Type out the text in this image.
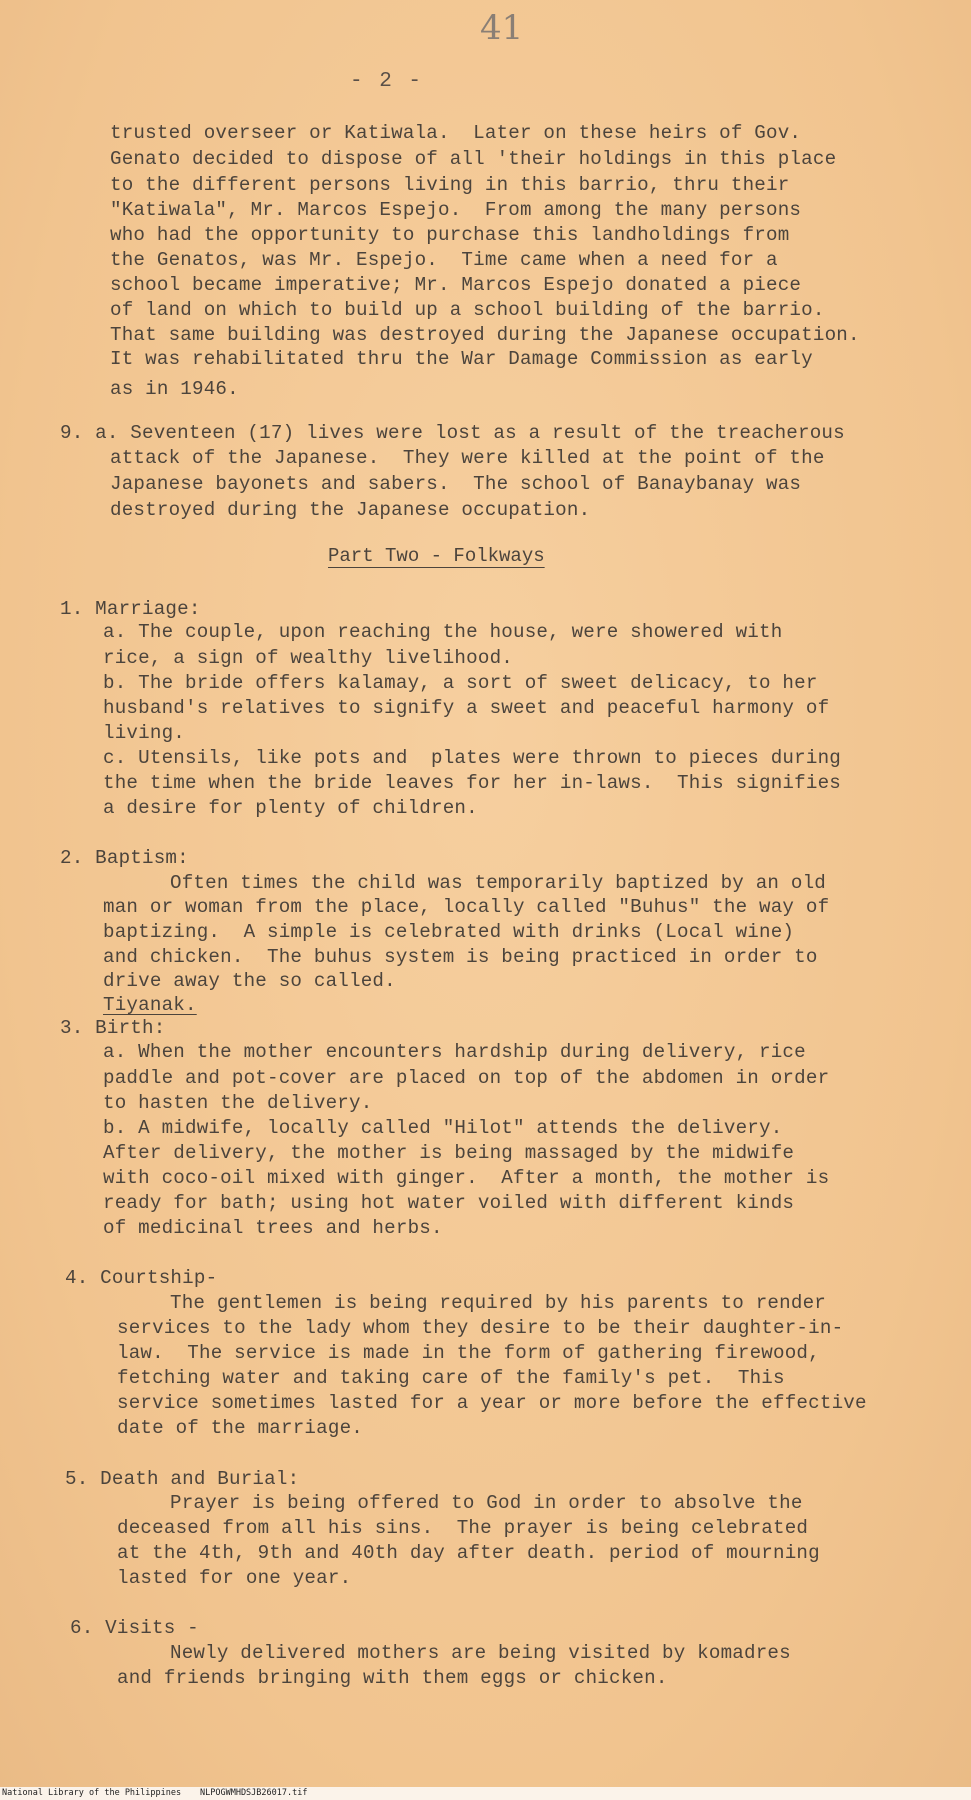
41
- 2 -
trusted overseer or Katiwala.  Later on these heirs of Gov.
Genato decided to dispose of all 'their holdings in this place
to the different persons living in this barrio, thru their
"Katiwala", Mr. Marcos Espejo.  From among the many persons
who had the opportunity to purchase this landholdings from
the Genatos, was Mr. Espejo.  Time came when a need for a
school became imperative; Mr. Marcos Espejo donated a piece
of land on which to build up a school building of the barrio.
That same building was destroyed during the Japanese occupation.
It was rehabilitated thru the War Damage Commission as early
as in 1946.
9. a. Seventeen (17) lives were lost as a result of the treacherous
attack of the Japanese.  They were killed at the point of the
Japanese bayonets and sabers.  The school of Banaybanay was
destroyed during the Japanese occupation.
Part Two - Folkways
1. Marriage:
a. The couple, upon reaching the house, were showered with
rice, a sign of wealthy livelihood.
b. The bride offers kalamay, a sort of sweet delicacy, to her
husband's relatives to signify a sweet and peaceful harmony of
living.
c. Utensils, like pots and  plates were thrown to pieces during
the time when the bride leaves for her in-laws.  This signifies
a desire for plenty of children.
2. Baptism:
Often times the child was temporarily baptized by an old
man or woman from the place, locally called "Buhus" the way of
baptizing.  A simple is celebrated with drinks (Local wine)
and chicken.  The buhus system is being practiced in order to
drive away the so called.
Tiyanak.
3. Birth:
a. When the mother encounters hardship during delivery, rice
paddle and pot-cover are placed on top of the abdomen in order
to hasten the delivery.
b. A midwife, locally called "Hilot" attends the delivery.
After delivery, the mother is being massaged by the midwife
with coco-oil mixed with ginger.  After a month, the mother is
ready for bath; using hot water voiled with different kinds
of medicinal trees and herbs.
4. Courtship-
The gentlemen is being required by his parents to render
services to the lady whom they desire to be their daughter-in-
law.  The service is made in the form of gathering firewood,
fetching water and taking care of the family's pet.  This
service sometimes lasted for a year or more before the effective
date of the marriage.
5. Death and Burial:
Prayer is being offered to God in order to absolve the
deceased from all his sins.  The prayer is being celebrated
at the 4th, 9th and 40th day after death. period of mourning
lasted for one year.
6. Visits -
Newly delivered mothers are being visited by komadres
and friends bringing with them eggs or chicken.
National Library of the Philippines NLPOGWMHDSJB26017.tif
